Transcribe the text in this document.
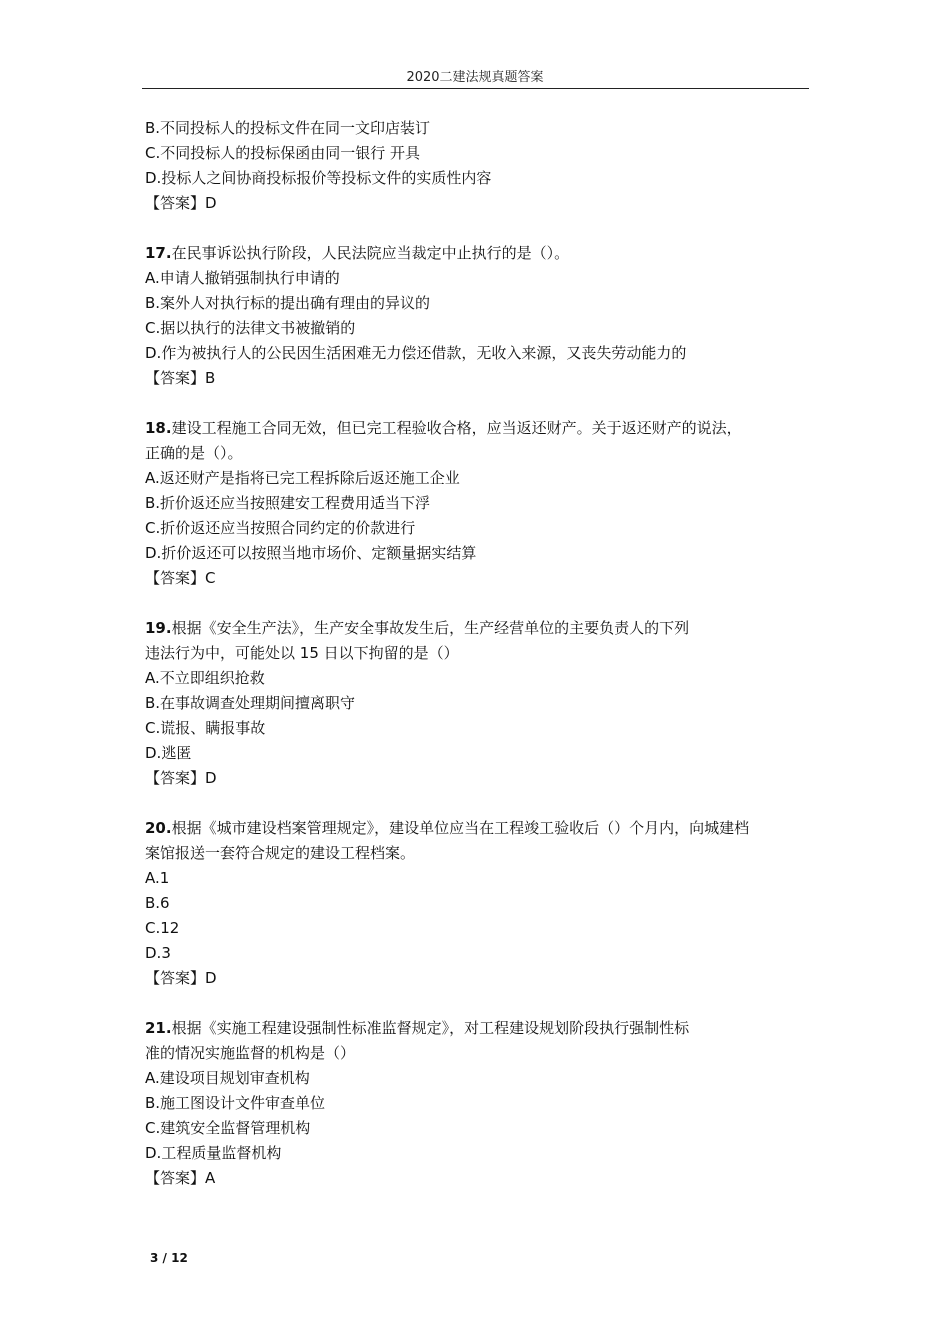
2020二建法规真题答案
B.不同投标人的投标文件在同一文印店装订
C.不同投标人的投标保函由同一银行 开具
D.投标人之间协商投标报价等投标文件的实质性内容
【答案】D
17.在民事诉讼执行阶段，人民法院应当裁定中止执行的是（）。
A.申请人撤销强制执行申请的
B.案外人对执行标的提出确有理由的异议的
C.据以执行的法律文书被撤销的
D.作为被执行人的公民因生活困难无力偿还借款，无收入来源，又丧失劳动能力的
【答案】B
18.建设工程施工合同无效，但已完工程验收合格，应当返还财产。关于返还财产的说法，
正确的是（）。
A.返还财产是指将已完工程拆除后返还施工企业
B.折价返还应当按照建安工程费用适当下浮
C.折价返还应当按照合同约定的价款进行
D.折价返还可以按照当地市场价、定额量据实结算
【答案】C
19.根据《安全生产法》，生产安全事故发生后，生产经营单位的主要负责人的下列
违法行为中，可能处以 15 日以下拘留的是（）
A.不立即组织抢救
B.在事故调查处理期间擅离职守
C.谎报、瞒报事故
D.逃匿
【答案】D
20.根据《城市建设档案管理规定》，建设单位应当在工程竣工验收后（）个月内，向城建档
案馆报送一套符合规定的建设工程档案。
A.1
B.6
C.12
D.3
【答案】D
21.根据《实施工程建设强制性标准监督规定》，对工程建设规划阶段执行强制性标
准的情况实施监督的机构是（）
A.建设项目规划审查机构
B.施工图设计文件审查单位
C.建筑安全监督管理机构
D.工程质量监督机构
【答案】A
3 / 12
